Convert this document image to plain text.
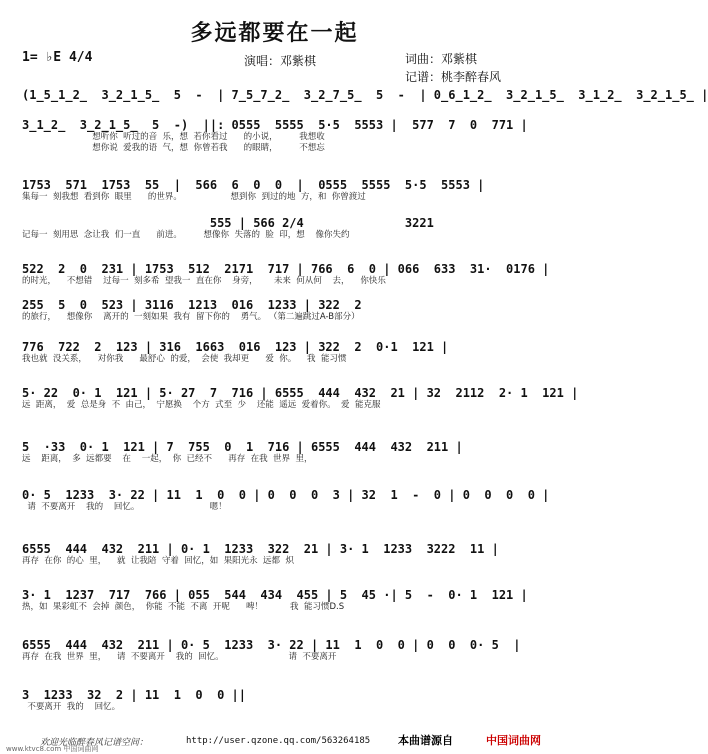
多远都要在一起
1= ♭E 4/4	演唱：邓紫棋	词曲：邓紫棋
记谱：桃李醉春风
(1̲5̲1̲2̲  3̲2̲1̲5̲  5  -  | 7̲5̲7̲2̲  3̲2̲7̲5̲  5  -  | 0̲6̲1̲2̲  3̲2̲1̲5̲  3̲1̲2̲  3̲2̲1̲5̲ |
3̲1̲2̲  3̲2̲1̲5̲  5  -)  ||: 0555  5555  5·5  5553 |  577  7  0  771 |
想听你  听过的音  乐，想  若你看过      的小说，        我想收
想你说  爱我的语  气，想  你曾若我      的眼睛，        不想忘
1753  571  1753  55  |  566  6  0  0  |  0555  5555  5·5  5553 |
集每一  刻我想  看到你  眼里      的世界。                  想到你  到过的地  方，和  你曾渡过
555 | 566 2/4              3221
记每一  刻用思  念让我  们一直      前进。        想像你  失落的  脸  印，想    像你失约
522  2  0  231 | 1753  512  2171  717 | 766  6  0 | 066  633  31·  0176 |
的时光，    不想错    过每一  刻多希  望我一  直在你    身旁，      未来  何从何    去，    你快乐
255  5  0  523 | 3116  1213  016  1233 | 322  2
的旅行，    想像你    离开的  一刻如果  我有  留下你的    勇气。 （第二遍跳过A-B部分）
776  722  2  123 | 316  1663  016  123 | 322  2  0·1  121 |
我也就  没关系，    对你我      最舒心  的爱，  会使  我却更      爱  你。    我  能习惯
5· 22  0· 1  121 | 5· 27  7  716 | 6555  444  432  21 | 32  2112  2· 1  121 |
远  距离，  爱  总是身  不  由己，  宁愿换    个方  式至  少    还能  遥远  爱着你。  爱  能克服
5  ·33  0· 1  121 | 7  755  0  1  716 | 6555  444  432  211 |
远    距离，  多  远都要    在    一起，  你  已经不      再存  在我  世界  里，
0· 5  1233  3· 22 | 11  1  0  0 | 0  0  0  3 | 32  1  -  0 | 0  0  0  0 |
请  不要离开    我的    回忆。                          嗯！
6555  444  432  211 | 0· 1  1233  322  21 | 3· 1  1233  3222  11 |
再存  在你  的心  里，    就  让我陪  守着  回忆，如  果阳光永  远都  炽
3· 1  1237  717  766 | 055  544  434  455 | 5  45 ·| 5  -  0· 1  121 |
热，如  果彩虹不  会掉  颜色，  你能  不能  不离  开呢      啤！          我  能习惯D.S
6555  444  432  211 | 0· 5  1233  3· 22 | 11  1  0  0 | 0  0  0· 5  |
再存  在我  世界  里，    请  不要离开    我的  回忆。                        请  不要离开
3  1233  32  2 | 11  1  0  0 ||
不要离开  我的    回忆。
欢迎光临醉春风记谱空间：
www.ktvc8.com 中国词曲网
http://user.qzone.qq.com/563264185	本曲谱源自	中国词曲网
